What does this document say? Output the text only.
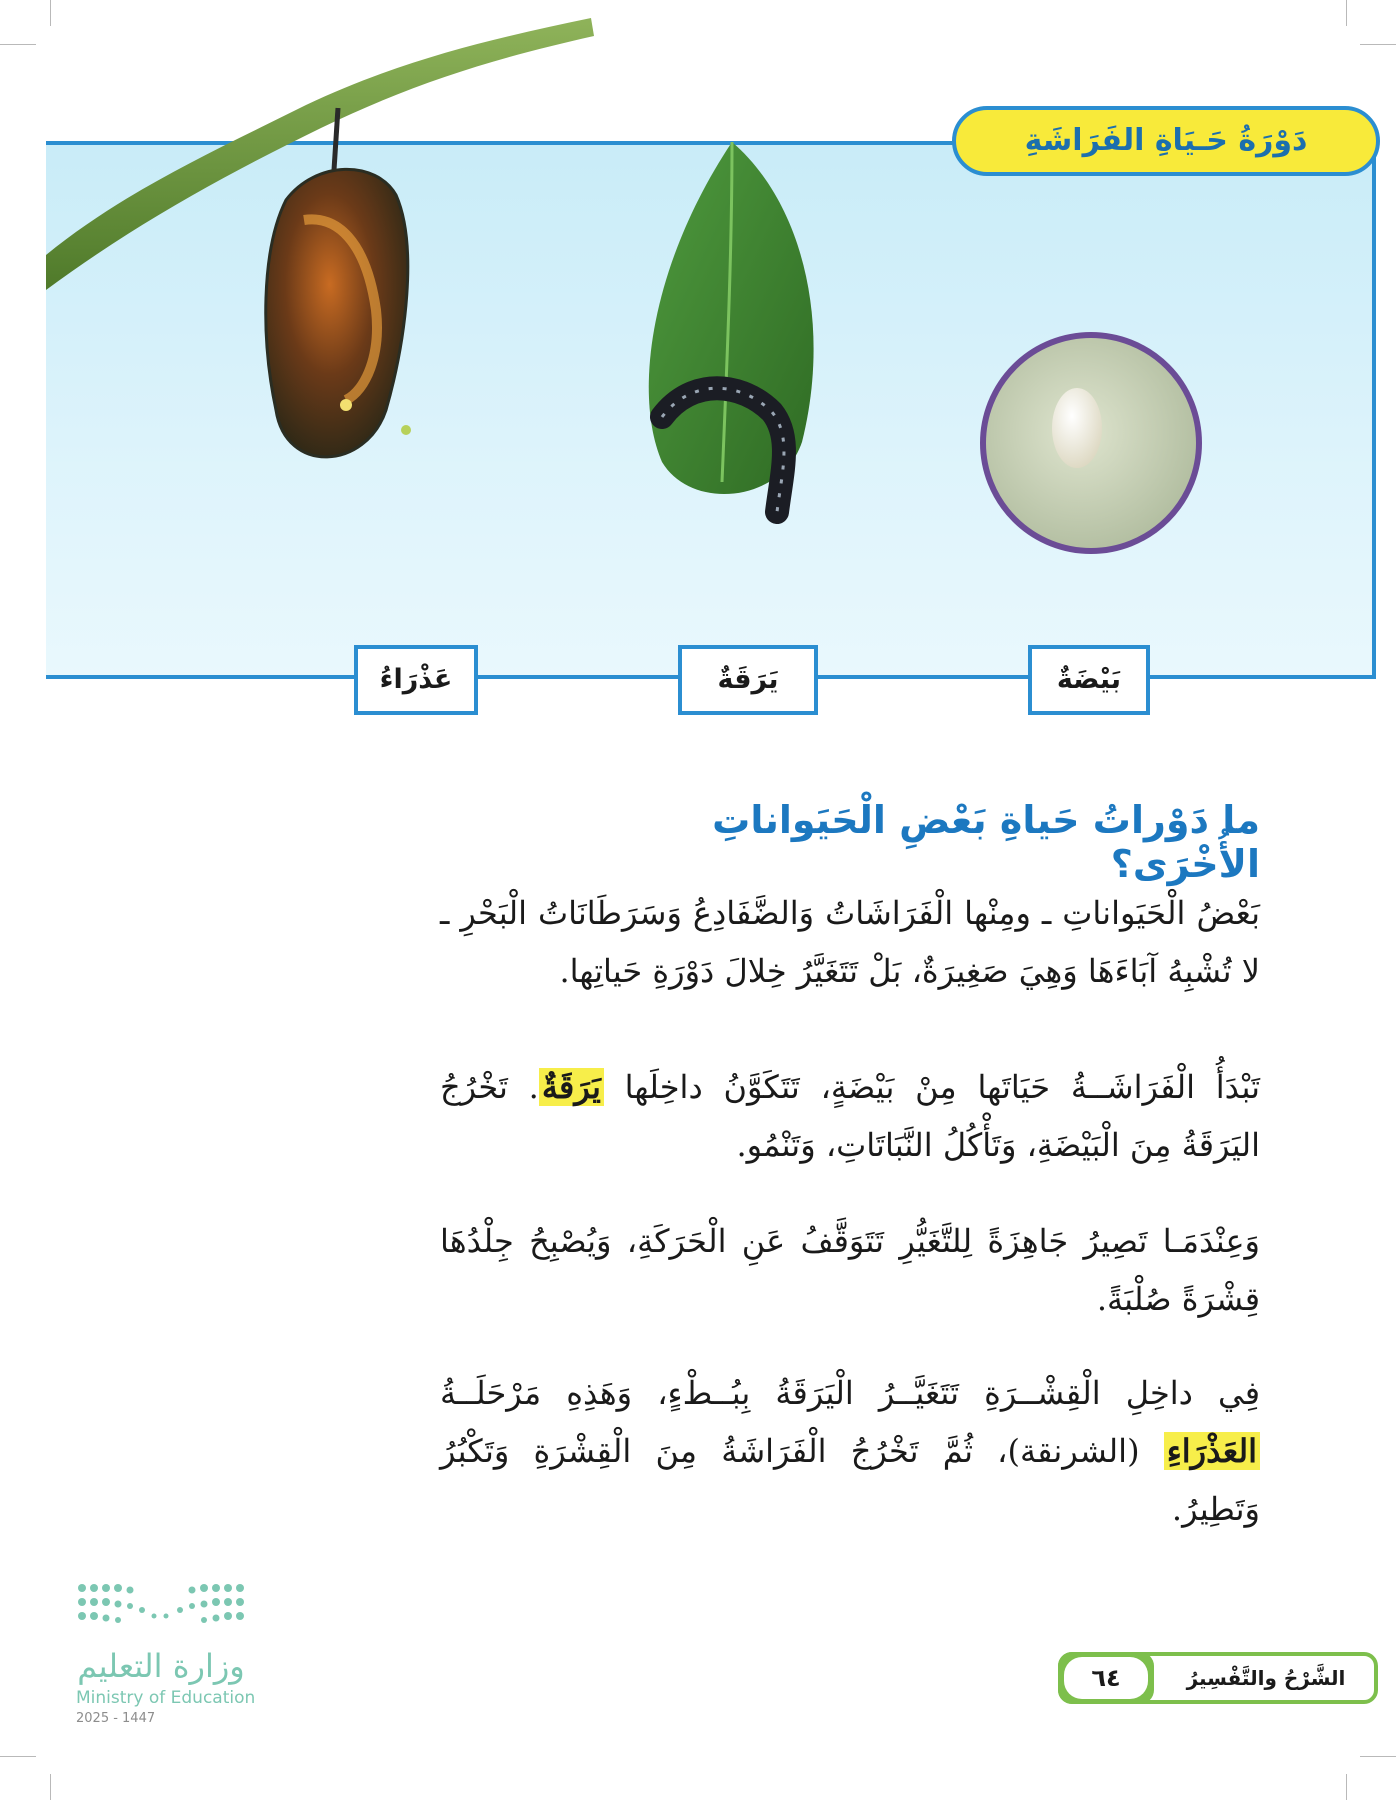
دَوْرَةُ حَـيَاةِ الفَرَاشَةِ
عَذْرَاءُ	يَرَقَةٌ	بَيْضَةٌ
ما دَوْراتُ حَياةِ بَعْضِ الْحَيَواناتِ الأُخْرَى؟
بَعْضُ الْحَيَواناتِ ـ ومِنْها الْفَرَاشَاتُ وَالضَّفَادِعُ وَسَرَطَانَاتُ الْبَحْرِ ـ لا تُشْبِهُ آبَاءَهَا وَهِيَ صَغِيرَةٌ، بَلْ تَتَغَيَّرُ خِلالَ دَوْرَةِ حَياتِها.
تَبْدَأُ الْفَرَاشَــةُ حَيَاتَها مِنْ بَيْضَةٍ، تَتَكَوَّنُ داخِلَها يَرَقَةٌ. تَخْرُجُ اليَرَقَةُ مِنَ الْبَيْضَةِ، وَتَأْكُلُ النَّبَاتَاتِ، وَتَنْمُو.
وَعِنْدَمَـا تَصِيرُ جَاهِزَةً لِلتَّغَيُّرِ تَتَوَقَّفُ عَنِ الْحَرَكَةِ، وَيُصْبِحُ جِلْدُهَا قِشْرَةً صُلْبَةً.
فِي داخِلِ الْقِشْــرَةِ تَتَغَيَّــرُ الْيَرَقَةُ بِبُــطْءٍ، وَهَذِهِ مَرْحَلَــةُ العَذْرَاءِ (الشرنقة)، ثُمَّ تَخْرُجُ الْفَرَاشَةُ مِنَ الْقِشْرَةِ وَتَكْبُرُ وَتَطِيرُ.
وزارة التعليم
Ministry of Education
2025 - 1447
٦٤	الشَّرْحُ والتَّفْسِيرُ
